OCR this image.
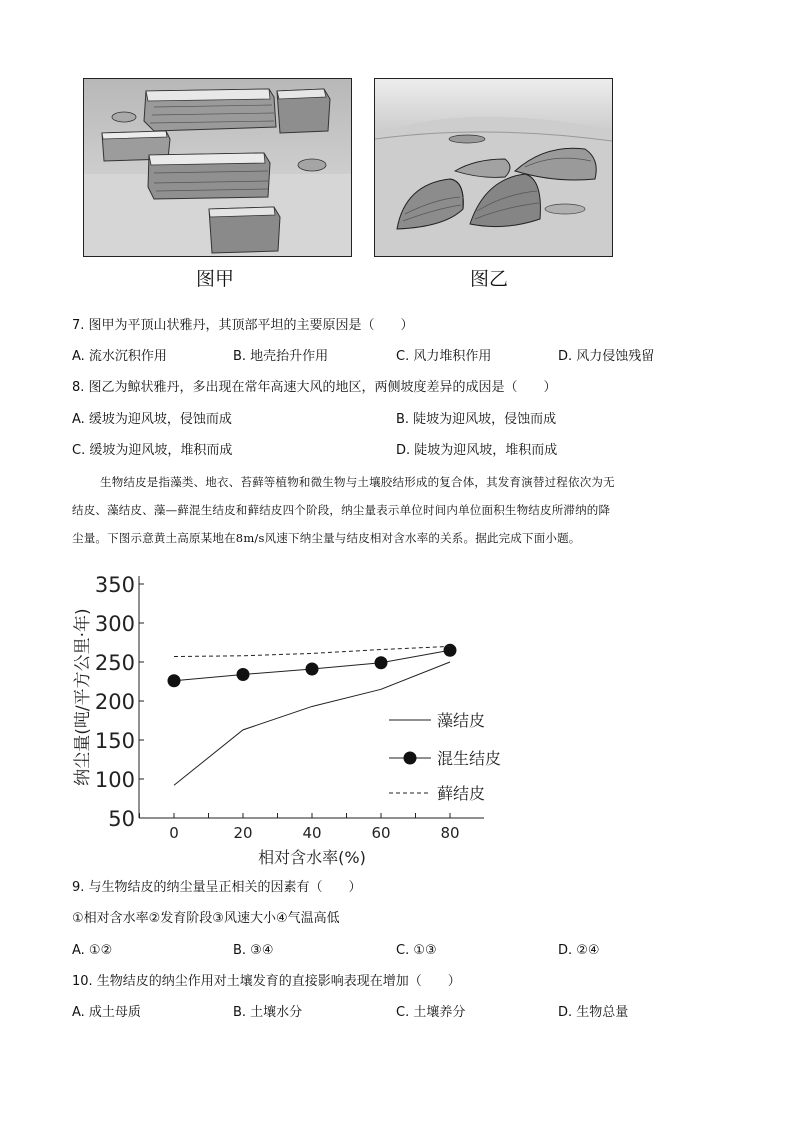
图甲	图乙
7. 图甲为平顶山状雅丹，其顶部平坦的主要原因是（　　）
A. 流水沉积作用	B. 地壳抬升作用	C. 风力堆积作用	D. 风力侵蚀残留
8. 图乙为鲸状雅丹，多出现在常年高速大风的地区，两侧坡度差异的成因是（　　）
A. 缓坡为迎风坡，侵蚀而成	B. 陡坡为迎风坡，侵蚀而成
C. 缓坡为迎风坡，堆积而成	D. 陡坡为迎风坡，堆积而成
生物结皮是指藻类、地衣、苔藓等植物和微生物与土壤胶结形成的复合体，其发育演替过程依次为无
结皮、藻结皮、藻—藓混生结皮和藓结皮四个阶段，纳尘量表示单位时间内单位面积生物结皮所滞纳的降
尘量。下图示意黄土高原某地在8m/s风速下纳尘量与结皮相对含水率的关系。据此完成下面小题。
350
300
250
200
150
100
50
0	20	40	60	80
纳尘量(吨/平方公里·年)
相对含水率(%)
藻结皮
混生结皮
藓结皮
9. 与生物结皮的纳尘量呈正相关的因素有（　　）
①相对含水率②发育阶段③风速大小④气温高低
A. ①②	B. ③④	C. ①③	D. ②④
10. 生物结皮的纳尘作用对土壤发育的直接影响表现在增加（　　）
A. 成土母质	B. 土壤水分	C. 土壤养分	D. 生物总量
